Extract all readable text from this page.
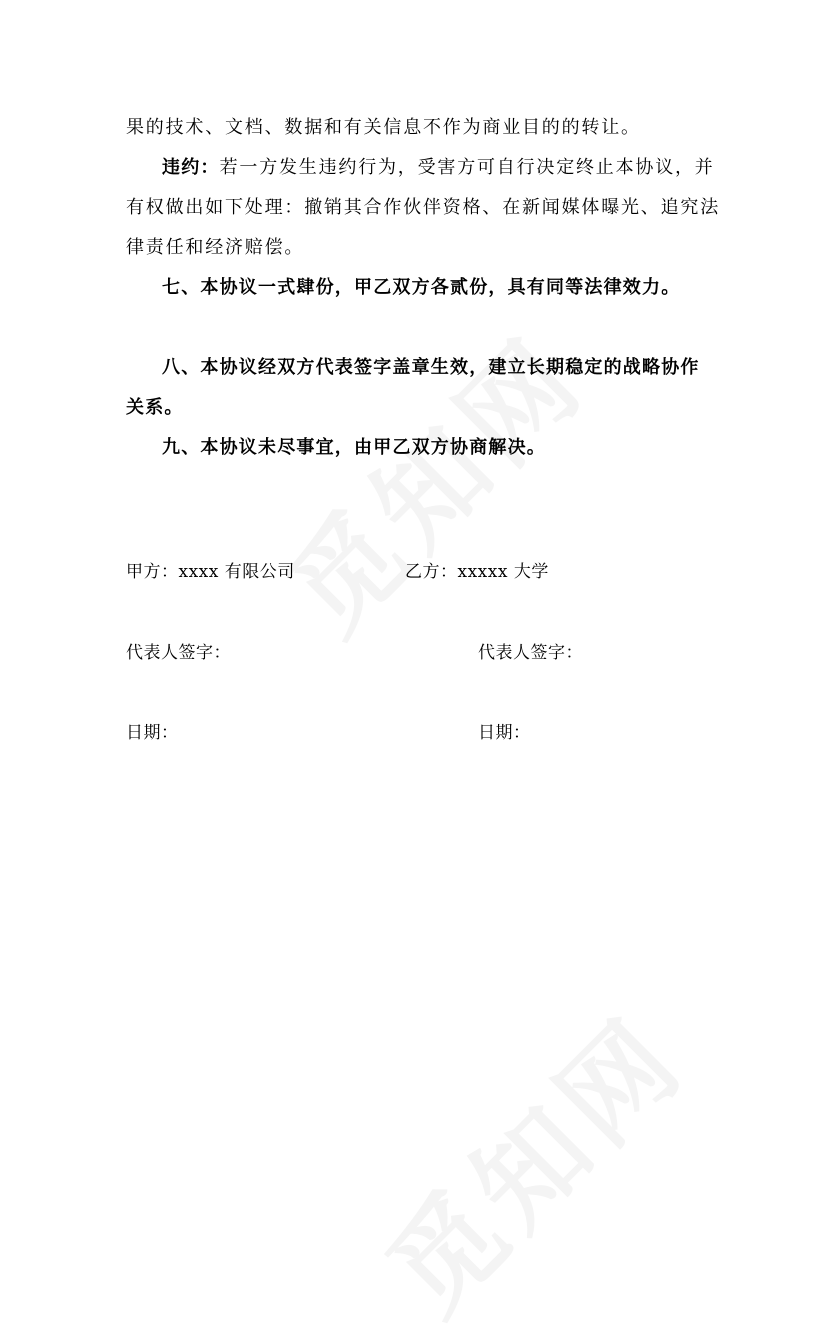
果的技术、文档、数据和有关信息不作为商业目的的转让。
违约：若一方发生违约行为，受害方可自行决定终止本协议，并
有权做出如下处理：撤销其合作伙伴资格、在新闻媒体曝光、追究法
律责任和经济赔偿。
七、本协议一式肆份，甲乙双方各贰份，具有同等法律效力。
八、本协议经双方代表签字盖章生效，建立长期稳定的战略协作
关系。
九、本协议未尽事宜，由甲乙双方协商解决。
甲方：xxxx 有限公司	乙方：xxxxx 大学
代表人签字：	代表人签字：
日期：	日期：
